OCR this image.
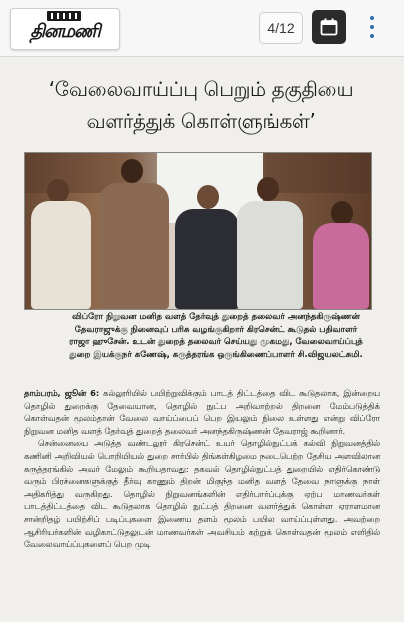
தினமணி	4/12
‘வேலைவாய்ப்பு பெறும் தகுதியை வளர்த்துக் கொள்ளுங்கள்’
விப்ரோ நிறுவன மனித வளத் தேர்வுத் துறைத் தலைவர் அனந்தகிருஷ்ணன் தேவராஜுக்கு நினைவுப் பரிசு வழங்குகிறார் கிரசென்ட் கூடுதல் பதிவாளர் ராஜா ஹுசேன். உடன் துறைத் தலைவர் செய்யது முகமது, வேலைவாய்ப்புத் துறை இயக்குநர் கணேஷ், கருத்தரங்க ஒருங்கிணைப்பாளர் சி.விஜயலட்சுமி.

தாம்பரம், ஜூன் 6: கல்லூரியில் பயிற்றுவிக்கும் பாடத் திட்டத்தை விட கூடுதலாக, இன்றைய தொழில் துறைக்கு தேவையான, தொழில் நுட்ப அறிவாற்றல் திறனை மேம்படுத்திக் கொள்வதன் மூலம்தான் வேலை வாய்ப்பைப் பெற இயலும் நிலை உள்ளது என்று விப்ரோ நிறுவன மனித வளத் தேர்வுத் துறைத் தலைவர் அனந்தகிருஷ்ணன் தேவராஜ் கூறினார்.

சென்னையை அடுத்த வண்டலூர் கிரசென்ட் உயர் தொழில்நுட்பக் கல்வி நிறுவனத்தில் கணினி அறிவியல் பொறியியல் துறை சார்பில் திங்கள்கிழமை நடைபெற்ற தேசிய அளவிலான கருத்தரங்கில் அவர் மேலும் கூறியதாவது: தகவல் தொழில்நுட்பத் துறையில் எதிர்கொண்டு வரும் பிரச்னைகளுக்குத் தீர்வு காணும் திறன் மிகுந்த மனித வளத் தேவை நாளுக்கு நாள் அதிகரித்து வருகிறது. தொழில் நிறுவனங்களின் எதிர்பார்ப்புக்கு ஏற்ப மாணவர்கள் பாடத்திட்டத்தை விட கூடுதலாக தொழில் நுட்பத் திறனை வளர்த்துக் கொள்ள ஏராளமான சான்றிதழ் பயிற்சிப் படிப்புகளை இணைய தளம் மூலம் பயில வாய்ப்புள்ளது. அவற்றை ஆசிரியர்களின் வழிகாட்டுதலுடன் மாணவர்கள் அவசியம் கற்றுக் கொள்வதன் மூலம் எளிதில் வேலைவாய்ப்புகளைப் பெற முடி
